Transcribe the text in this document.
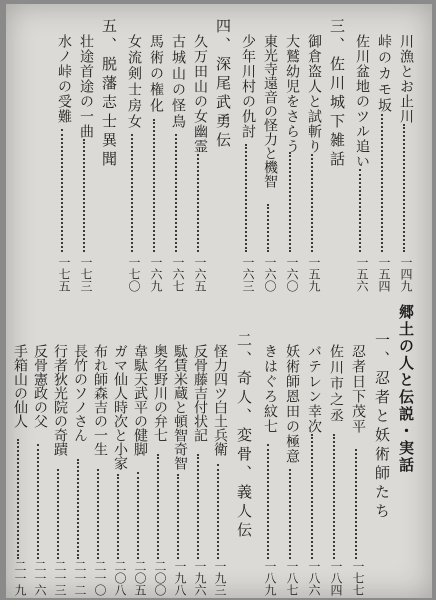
郷土の人と伝説・実話
一、忍者と妖術師たち
川漁とお止川
一四九
峠のカモ坂
一五四
佐川盆地のツル追い
一五六
三、佐川城下雑話
御倉盗人と試斬り
一五九
大鷲幼児をさらう
一六〇
東光寺遠音の怪力と機智
一六〇
少年川村の仇討
一六三
四、深尾武勇伝
久万田山の女幽霊
一六五
古城山の怪鳥
一六七
馬術の権化
一六九
女流剣士房女
一七〇
五、脱藩志士異聞
壮途首途の一曲
一七三
水ノ峠の受難
一七五
忍者日下茂平
一七七
佐川市之丞
一八四
バテレン幸次
一八六
妖術師恩田の極意
一八七
きはぐろ紋七
一八九
二、奇人、変骨、義人伝
怪力四ツ白土兵衛
一九三
反骨藤吉付状記
一九六
駄賃米蔵と頓智奇智
一九八
奥名野川の弁七
二〇〇
韋駄天武平の健脚
二〇五
ガマ仙人時次と小家
二〇八
布れ師森吉の一生
二一〇
長竹のソノさん
二一二
行者狄光院の奇蹟
二一三
反骨憲政の父
二一六
手箱山の仙人
二一九
